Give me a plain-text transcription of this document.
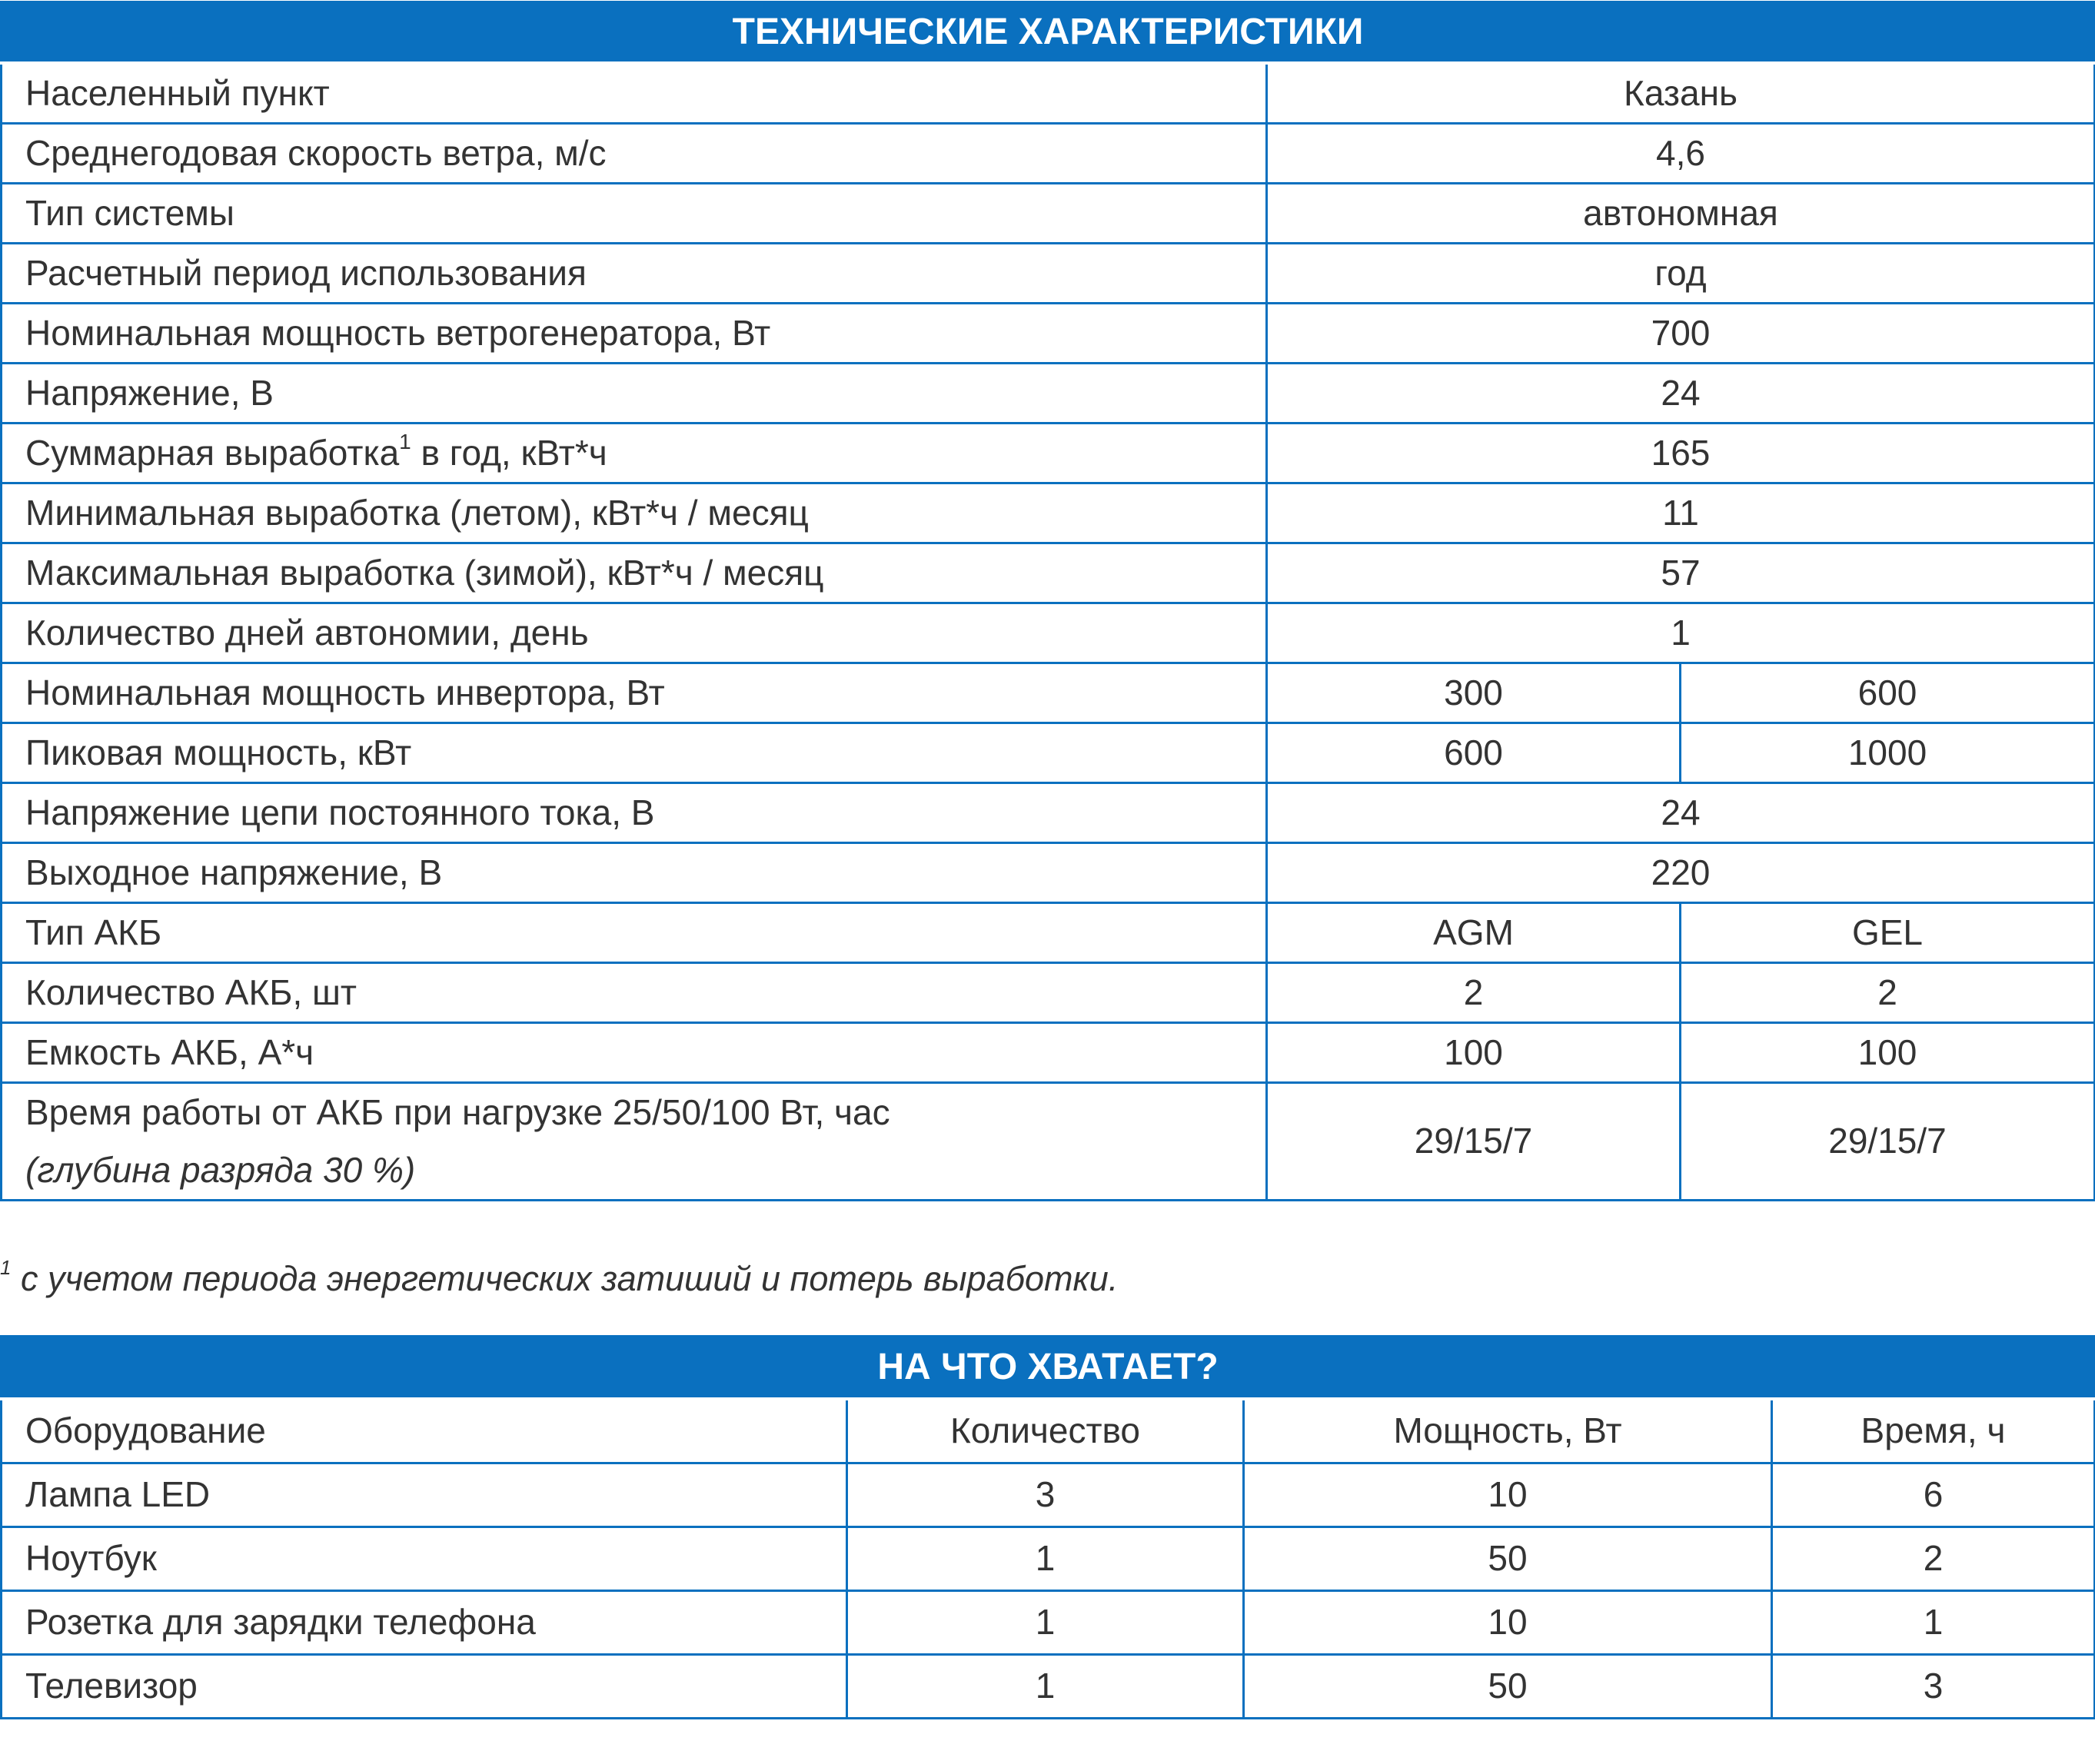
ТЕХНИЧЕСКИЕ ХАРАКТЕРИСТИКИ		
Населенный пункт	Казань	
Среднегодовая скорость ветра, м/с	4,6	
Тип системы	автономная	
Расчетный период использования	год	
Номинальная мощность ветрогенератора, Вт	700	
Напряжение, В	24	
Суммарная выработка$^1$ в год, кВт*ч	165	
Минимальная выработка (летом), кВт*ч / месяц	11	
Максимальная выработка (зимой), кВт*ч / месяц	57	
Количество дней автономии, день	1	
Номинальная мощность инвертора, Вт	300	600
Пиковая мощность, кВт	600	1000
Напряжение цепи постоянного тока, В	24	
Выходное напряжение, В	220	
Тип АКБ	AGM	GEL
Количество АКБ, шт	2	2
Емкость АКБ, А*ч	100	100
Время работы от АКБ при нагрузке 25/50/100 Вт, час
(глубина разряда 30 %)	29/15/7	29/15/7
$^1$ с учетом периода энергетических затиший и потерь выработки.
НА ЧТО ХВАТАЕТ?			
Оборудование	Количество	Мощность, Вт	Время, ч
Лампа LED	3	10	6
Ноутбук	1	50	2
Розетка для зарядки телефона	1	10	1
Телевизор	1	50	3
